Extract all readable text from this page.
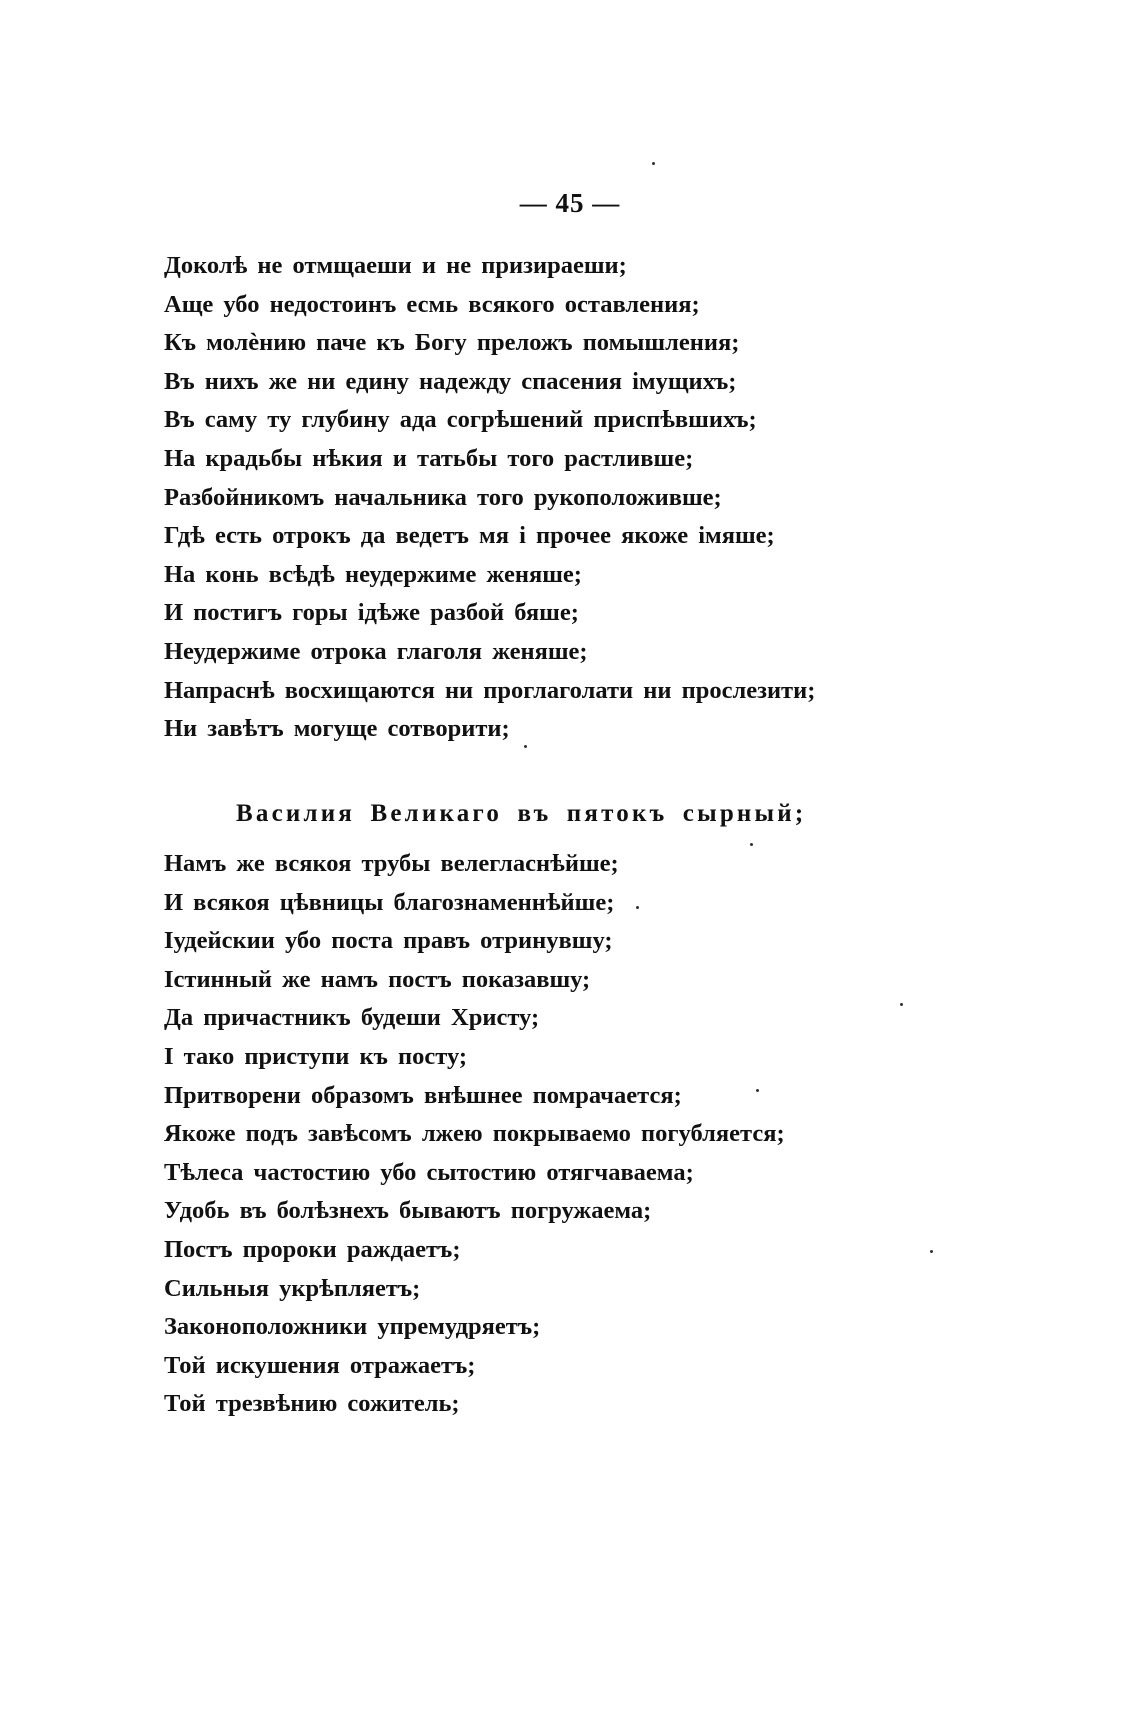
— 45 —
Доколѣ не отмщаеши и не призираеши;
Аще убо недостоинъ есмь всякого оставления;
Къ молѐнию паче къ Богу преложъ помышления;
Въ нихъ же ни едину надежду спасения імущихъ;
Въ саму ту глубину ада согрѣшений приспѣвшихъ;
На крадьбы нѣкия и татьбы того растливше;
Разбойникомъ начальника того рукоположивше;
Гдѣ есть отрокъ да ведетъ мя і прочее якоже імяше;
На конь всѣдѣ неудержиме женяше;
И постигъ горы ідѣже разбой бяше;
Неудержиме отрока глаголя женяше;
Напраснѣ восхищаются ни проглаголати ни прослезити;
Ни завѣтъ могуще сотворити;
Василия Великаго въ пятокъ сырный;
Намъ же всякоя трубы велегласнѣйше;
И всякоя цѣвницы благознаменнѣйше;
Іудейскии убо поста правъ отринувшу;
Істинный же намъ постъ показавшу;
Да причастникъ будеши Христу;
І тако приступи къ посту;
Притворени образомъ внѣшнее помрачается;
Якоже подъ завѣсомъ лжею покрываемо погубляется;
Тѣлеса частостию убо сытостию отягчаваема;
Удобь въ болѣзнехъ бываютъ погружаема;
Постъ пророки раждаетъ;
Сильныя укрѣпляетъ;
Законоположники упремудряетъ;
Той искушения отражаетъ;
Той трезвѣнию сожитель;
